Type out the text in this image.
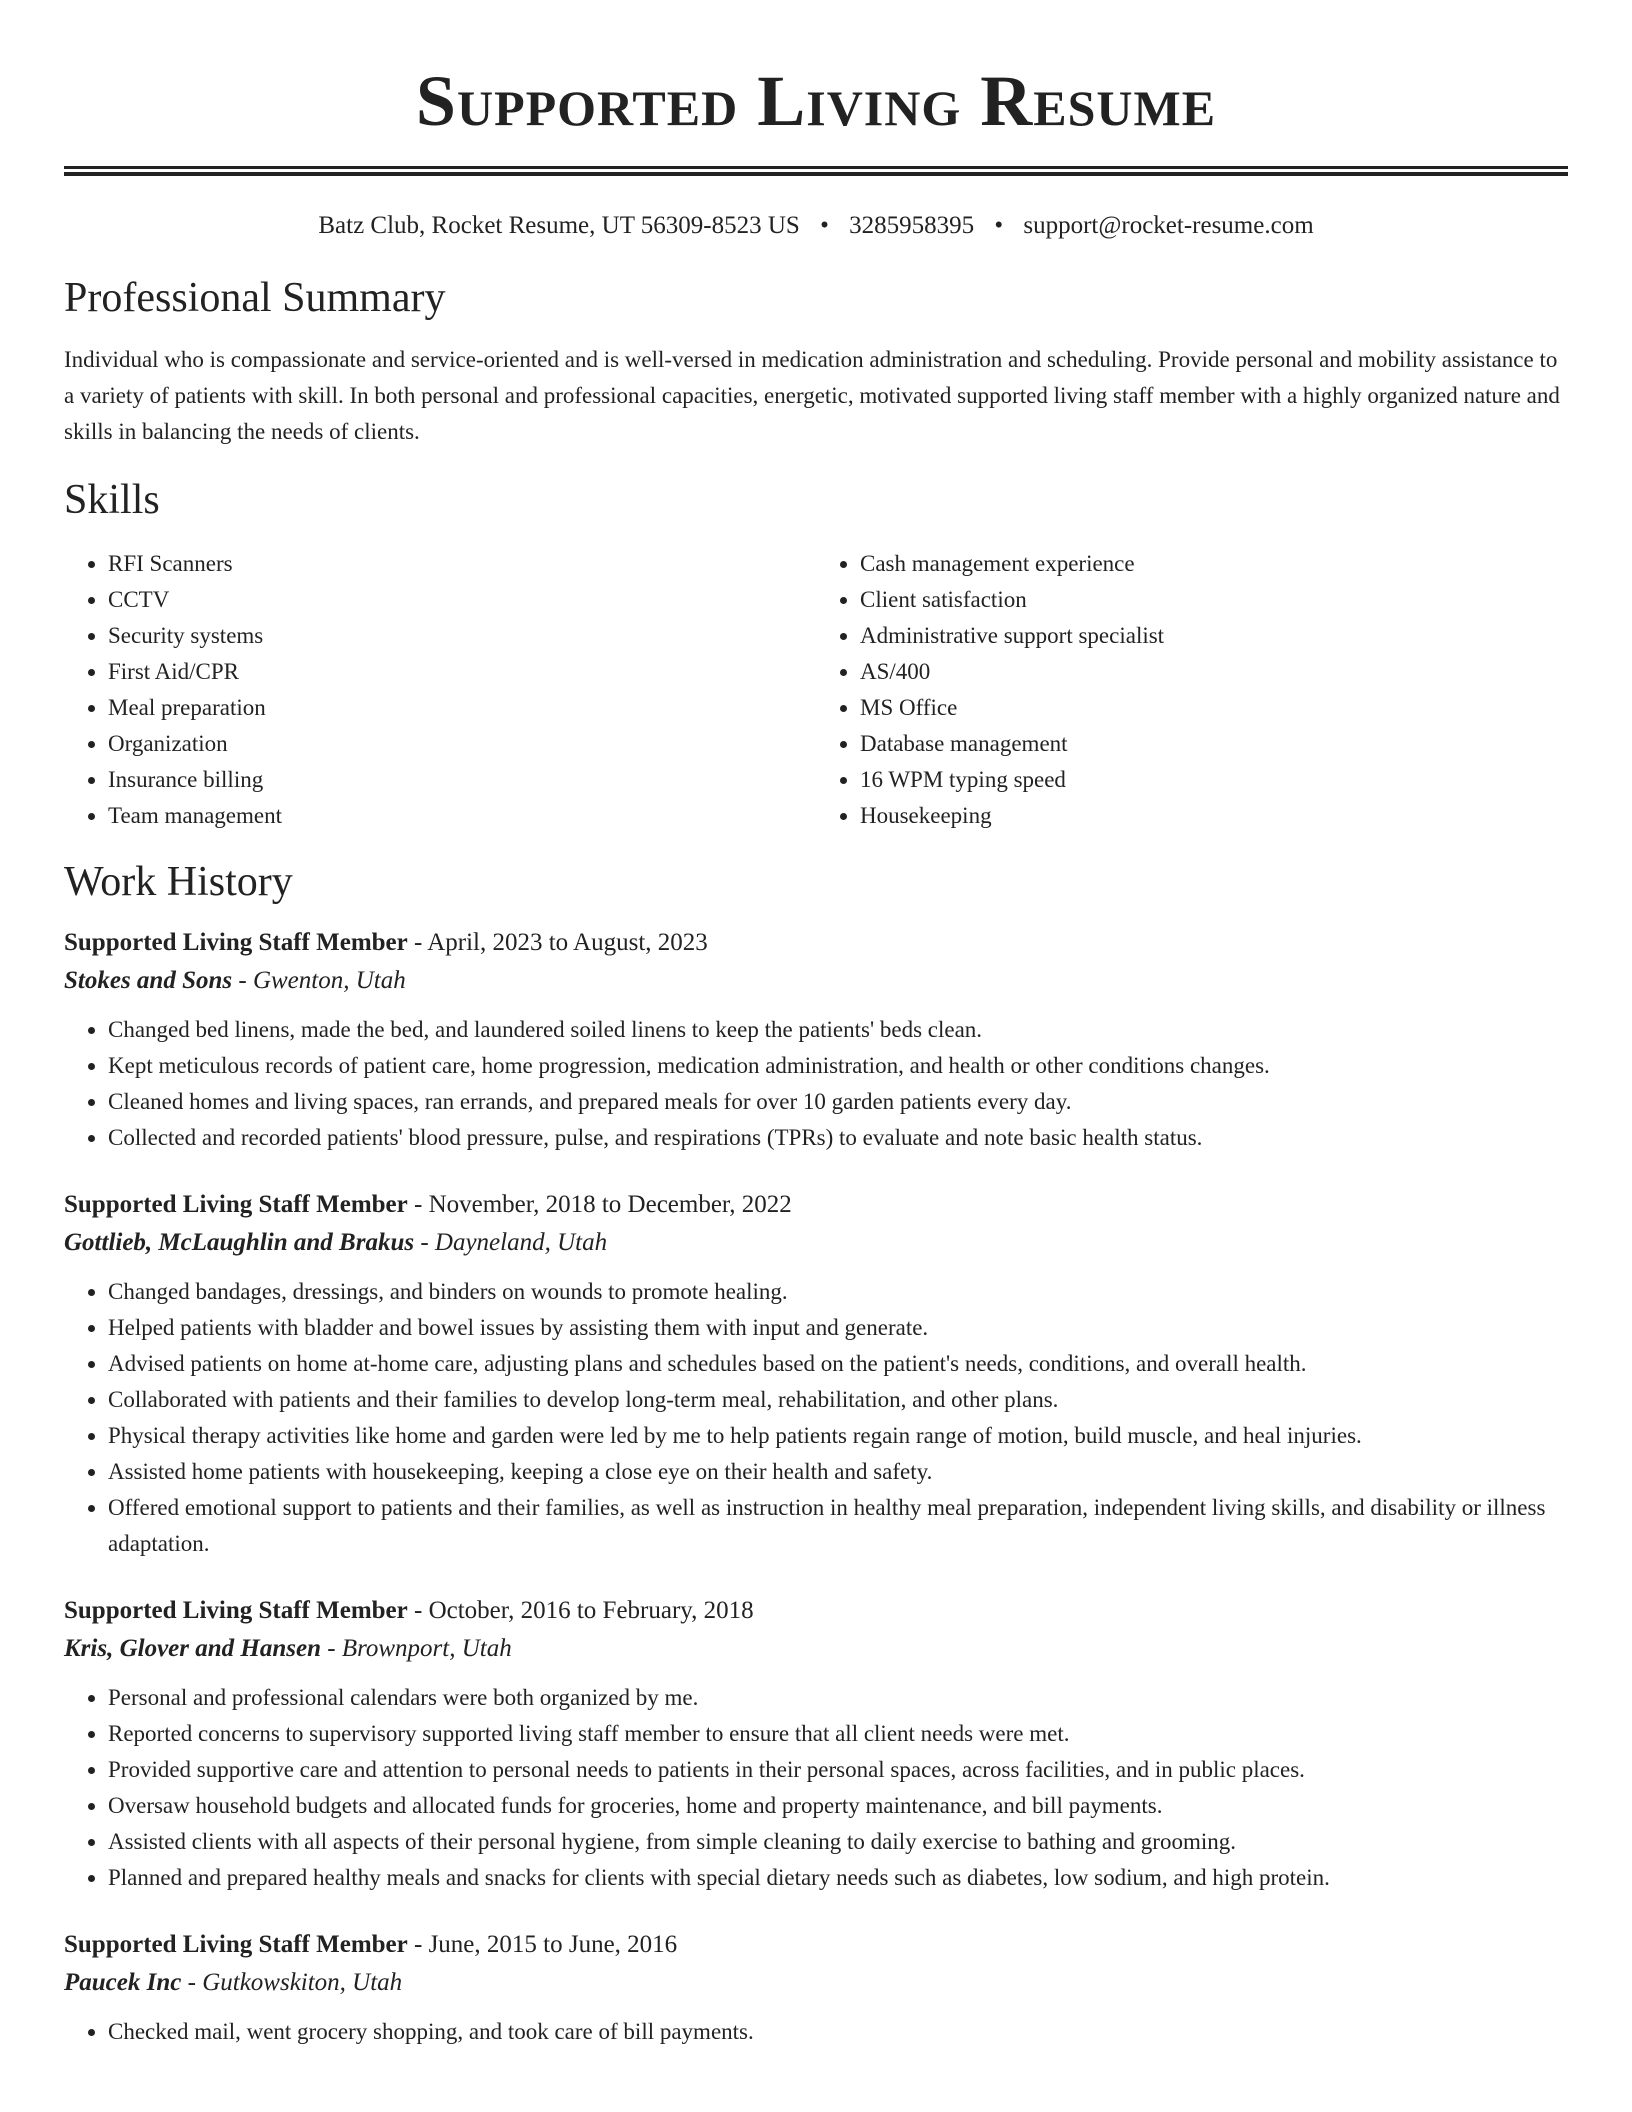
Supported Living Resume
Batz Club, Rocket Resume, UT 56309-8523 US • 3285958395 • support@rocket-resume.com
Professional Summary

Individual who is compassionate and service-oriented and is well-versed in medication administration and scheduling. Provide personal and mobility assistance to a variety of patients with skill. In both personal and professional capacities, energetic, motivated supported living staff member with a highly organized nature and skills in balancing the needs of clients.

Skills
• RFI Scanners
• CCTV
• Security systems
• First Aid/CPR
• Meal preparation
• Organization
• Insurance billing
• Team management
• Cash management experience
• Client satisfaction
• Administrative support specialist
• AS/400
• MS Office
• Database management
• 16 WPM typing speed
• Housekeeping
Work History
Supported Living Staff Member - April, 2023 to August, 2023
Stokes and Sons - Gwenton, Utah
• Changed bed linens, made the bed, and laundered soiled linens to keep the patients' beds clean.
• Kept meticulous records of patient care, home progression, medication administration, and health or other conditions changes.
• Cleaned homes and living spaces, ran errands, and prepared meals for over 10 garden patients every day.
• Collected and recorded patients' blood pressure, pulse, and respirations (TPRs) to evaluate and note basic health status.
Supported Living Staff Member - November, 2018 to December, 2022
Gottlieb, McLaughlin and Brakus - Dayneland, Utah
• Changed bandages, dressings, and binders on wounds to promote healing.
• Helped patients with bladder and bowel issues by assisting them with input and generate.
• Advised patients on home at-home care, adjusting plans and schedules based on the patient's needs, conditions, and overall health.
• Collaborated with patients and their families to develop long-term meal, rehabilitation, and other plans.
• Physical therapy activities like home and garden were led by me to help patients regain range of motion, build muscle, and heal injuries.
• Assisted home patients with housekeeping, keeping a close eye on their health and safety.
• Offered emotional support to patients and their families, as well as instruction in healthy meal preparation, independent living skills, and disability or illness adaptation.
Supported Living Staff Member - October, 2016 to February, 2018
Kris, Glover and Hansen - Brownport, Utah
• Personal and professional calendars were both organized by me.
• Reported concerns to supervisory supported living staff member to ensure that all client needs were met.
• Provided supportive care and attention to personal needs to patients in their personal spaces, across facilities, and in public places.
• Oversaw household budgets and allocated funds for groceries, home and property maintenance, and bill payments.
• Assisted clients with all aspects of their personal hygiene, from simple cleaning to daily exercise to bathing and grooming.
• Planned and prepared healthy meals and snacks for clients with special dietary needs such as diabetes, low sodium, and high protein.
Supported Living Staff Member - June, 2015 to June, 2016
Paucek Inc - Gutkowskiton, Utah
• Checked mail, went grocery shopping, and took care of bill payments.
